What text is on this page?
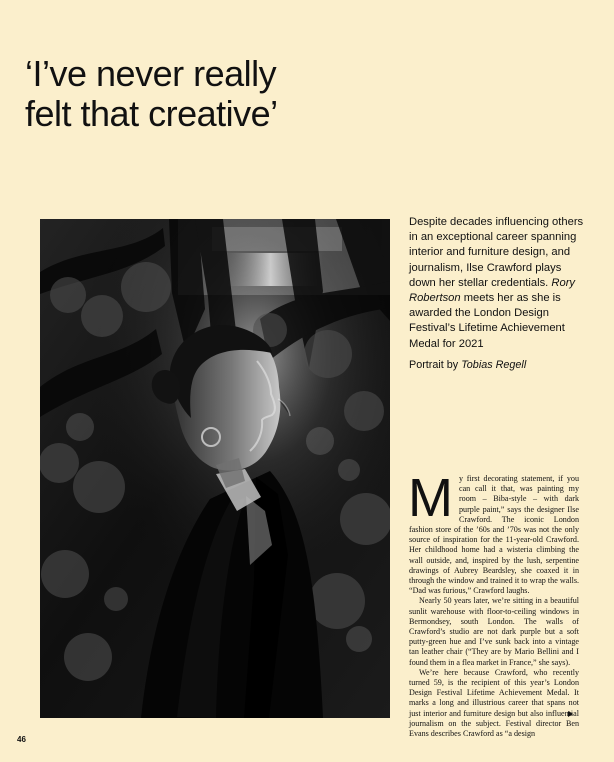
‘I’ve never really
felt that creative’

Despite decades influencing others in an exceptional career spanning interior and furniture design, and journalism, Ilse Crawford plays down her stellar credentials. Rory Robertson meets her as she is awarded the London Design Festival’s Lifetime Achievement Medal for 2021

Portrait by Tobias Regell

My first decorating statement, if you can call it that, was painting my room – Biba-style – with dark purple paint,” says the designer Ilse Crawford. The iconic London fashion store of the ’60s and ’70s was not the only source of inspiration for the 11-year-old Crawford. Her childhood home had a wisteria climbing the wall outside, and, inspired by the lush, serpentine drawings of Aubrey Beardsley, she coaxed it in through the window and trained it to wrap the walls. “Dad was furious,” Crawford laughs.

Nearly 50 years later, we’re sitting in a beautiful sunlit warehouse with floor-to-ceiling windows in Bermondsey, south London. The walls of Crawford’s studio are not dark purple but a soft putty-green hue and I’ve sunk back into a vintage tan leather chair (“They are by Mario Bellini and I found them in a flea market in France,” she says).

We’re here because Crawford, who recently turned 59, is the recipient of this year’s London Design Festival Lifetime Achievement Medal. It marks a long and illustrious career that spans not just interior and furniture design but also influential journalism on the subject. Festival director Ben Evans describes Crawford as “a design

46
